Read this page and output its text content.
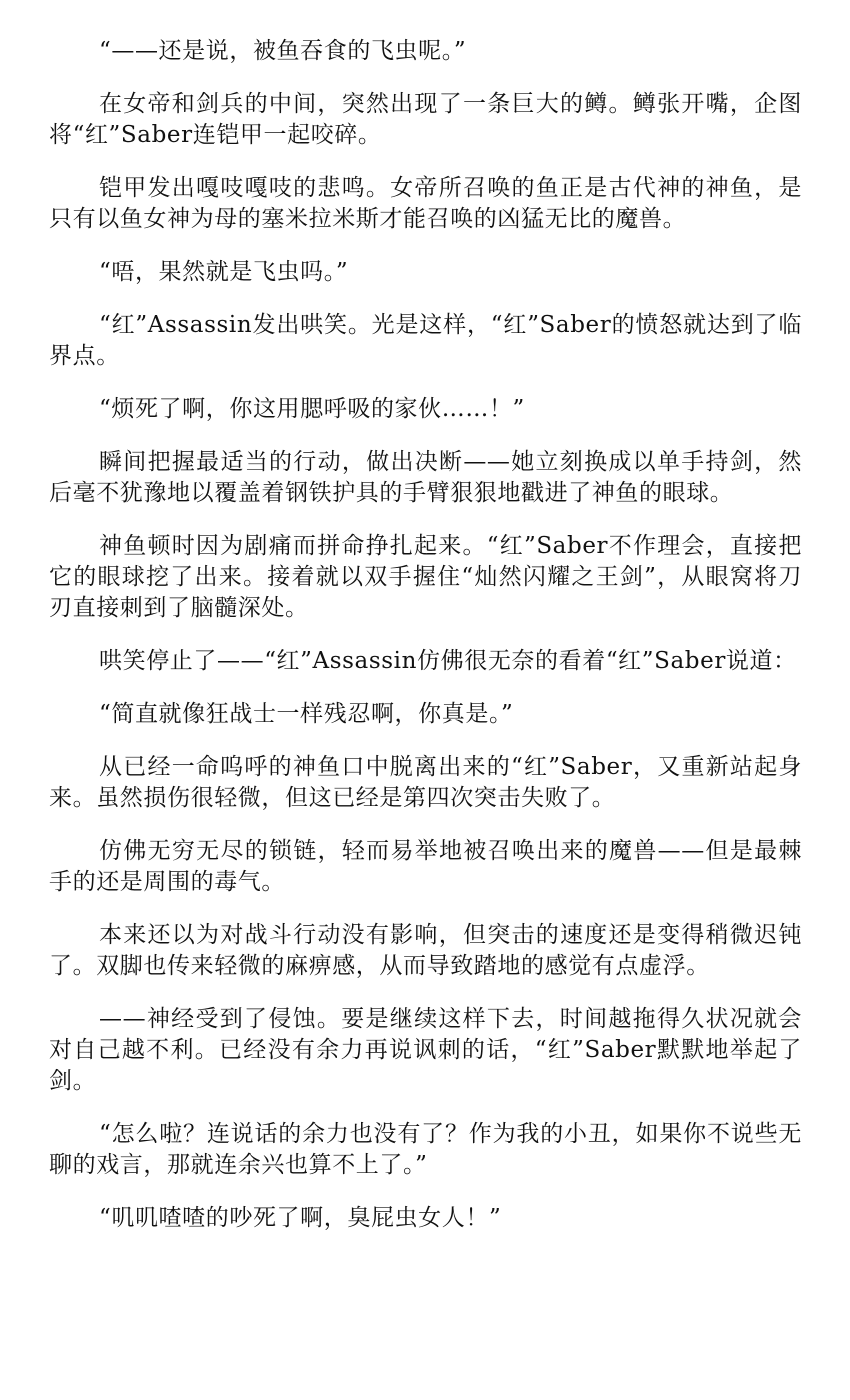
“——还是说，被鱼吞食的飞虫呢。”

在女帝和剑兵的中间，突然出现了一条巨大的鳟。鳟张开嘴，企图将“红”Saber连铠甲一起咬碎。

铠甲发出嘎吱嘎吱的悲鸣。女帝所召唤的鱼正是古代神的神鱼，是只有以鱼女神为母的塞米拉米斯才能召唤的凶猛无比的魔兽。

“唔，果然就是飞虫吗。”

“红”Assassin发出哄笑。光是这样，“红”Saber的愤怒就达到了临界点。

“烦死了啊，你这用腮呼吸的家伙……！”

瞬间把握最适当的行动，做出决断——她立刻换成以单手持剑，然后毫不犹豫地以覆盖着钢铁护具的手臂狠狠地戳进了神鱼的眼球。

神鱼顿时因为剧痛而拼命挣扎起来。“红”Saber不作理会，直接把它的眼球挖了出来。接着就以双手握住“灿然闪耀之王剑”，从眼窝将刀刃直接刺到了脑髓深处。

哄笑停止了——“红”Assassin仿佛很无奈的看着“红”Saber说道：

“简直就像狂战士一样残忍啊，你真是。”

从已经一命呜呼的神鱼口中脱离出来的“红”Saber，又重新站起身来。虽然损伤很轻微，但这已经是第四次突击失败了。

仿佛无穷无尽的锁链，轻而易举地被召唤出来的魔兽——但是最棘手的还是周围的毒气。

本来还以为对战斗行动没有影响，但突击的速度还是变得稍微迟钝了。双脚也传来轻微的麻痹感，从而导致踏地的感觉有点虚浮。

——神经受到了侵蚀。要是继续这样下去，时间越拖得久状况就会对自己越不利。已经没有余力再说讽刺的话，“红”Saber默默地举起了剑。

“怎么啦？连说话的余力也没有了？作为我的小丑，如果你不说些无聊的戏言，那就连余兴也算不上了。”

“叽叽喳喳的吵死了啊，臭屁虫女人！”
